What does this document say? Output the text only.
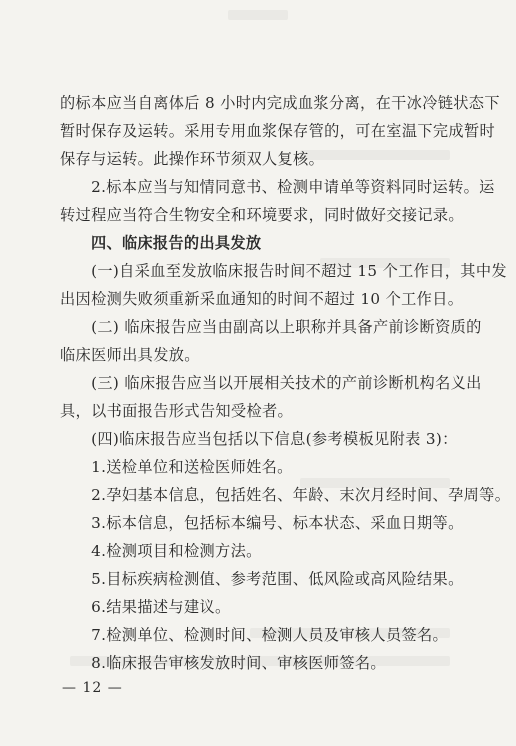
的标本应当自离体后 8 小时内完成血浆分离，在干冰冷链状态下
暂时保存及运转。采用专用血浆保存管的，可在室温下完成暂时
保存与运转。此操作环节须双人复核。
　　2.标本应当与知情同意书、检测申请单等资料同时运转。运
转过程应当符合生物安全和环境要求，同时做好交接记录。
　　四、临床报告的出具发放
　　(一)自采血至发放临床报告时间不超过 15 个工作日，其中发
出因检测失败须重新采血通知的时间不超过 10 个工作日。
　　(二) 临床报告应当由副高以上职称并具备产前诊断资质的
临床医师出具发放。
　　(三) 临床报告应当以开展相关技术的产前诊断机构名义出
具，以书面报告形式告知受检者。
　　(四)临床报告应当包括以下信息(参考模板见附表 3)：
　　1.送检单位和送检医师姓名。
　　2.孕妇基本信息，包括姓名、年龄、末次月经时间、孕周等。
　　3.标本信息，包括标本编号、标本状态、采血日期等。
　　4.检测项目和检测方法。
　　5.目标疾病检测值、参考范围、低风险或高风险结果。
　　6.结果描述与建议。
　　7.检测单位、检测时间、检测人员及审核人员签名。
　　8.临床报告审核发放时间、审核医师签名。
— 12 —
